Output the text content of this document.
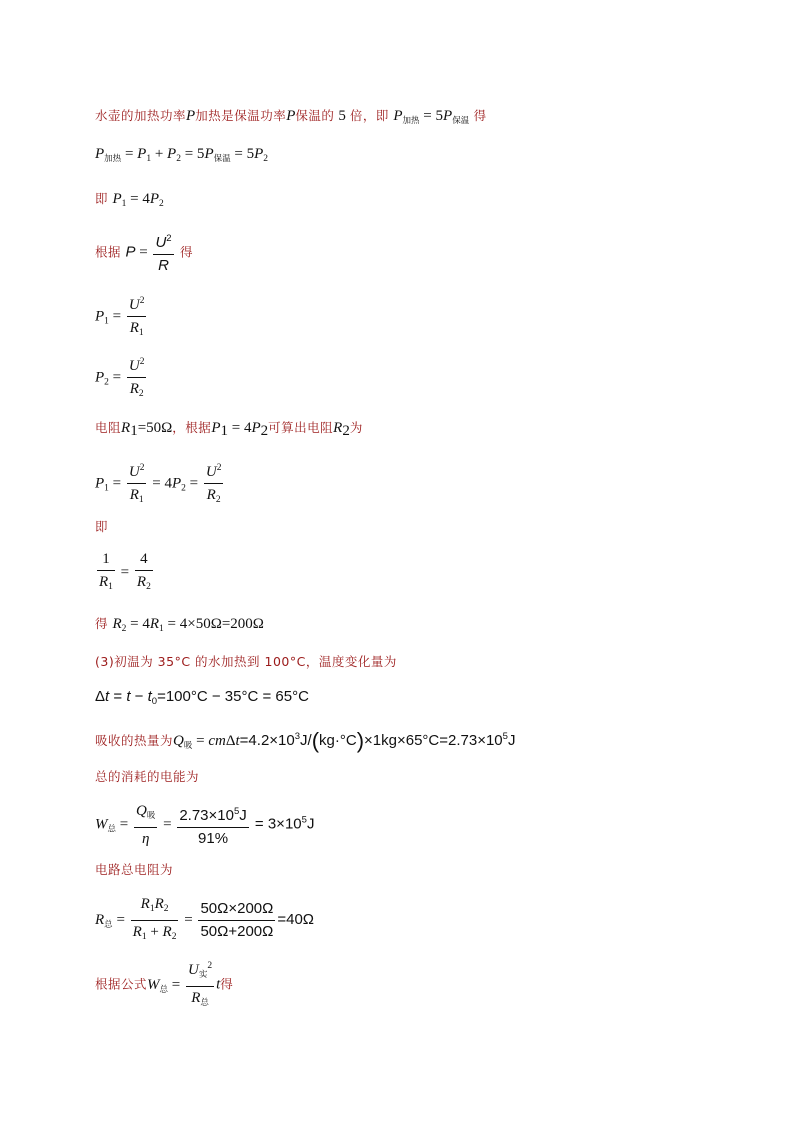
水壶的加热功率P加热是保温功率P保温的 5 倍，即 $P_{加热} = 5P_{保温}$ 得
$P_{加热} = P_1 + P_2 = 5P_{保温} = 5P_2$
即 $P_1 = 4P_2$
根据 $P = \frac{U^2}{R}$ 得
$P_1 = \frac{U^2}{R_1}$
$P_2 = \frac{U^2}{R_2}$
电阻$R_1=50\Omega$，根据$P_1 = 4P_2$可算出电阻$R_2$为
$P_1 = \frac{U^2}{R_1} = 4P_2 = \frac{U^2}{R_2}$
即
$\frac{1}{R_1} = \frac{4}{R_2}$
得 $R_2 = 4R_1 = 4\times 50\Omega=200\Omega$
(3)初温为 35°C 的水加热到 100°C，温度变化量为
$\Delta t = t - t_0=100^\circ C - 35^\circ C = 65^\circ C$
吸收的热量为$Q_吸 = cm\Delta t=4.2\times 10^3J/(kg\cdot^\circ C)\times 1kg\times 65^\circ C=2.73\times 10^5J$
总的消耗的电能为
$W_总 = \frac{Q_吸}{\eta} = \frac{2.73\times 10^5J}{91\%} = 3\times 10^5J$
电路总电阻为
$R_总 = \frac{R_1R_2}{R_1 + R_2} = \frac{50\Omega\times 200\Omega}{50\Omega+200\Omega} =40\Omega$
根据公式$W_总 = \frac{U_实^2}{R_总}$ t得
